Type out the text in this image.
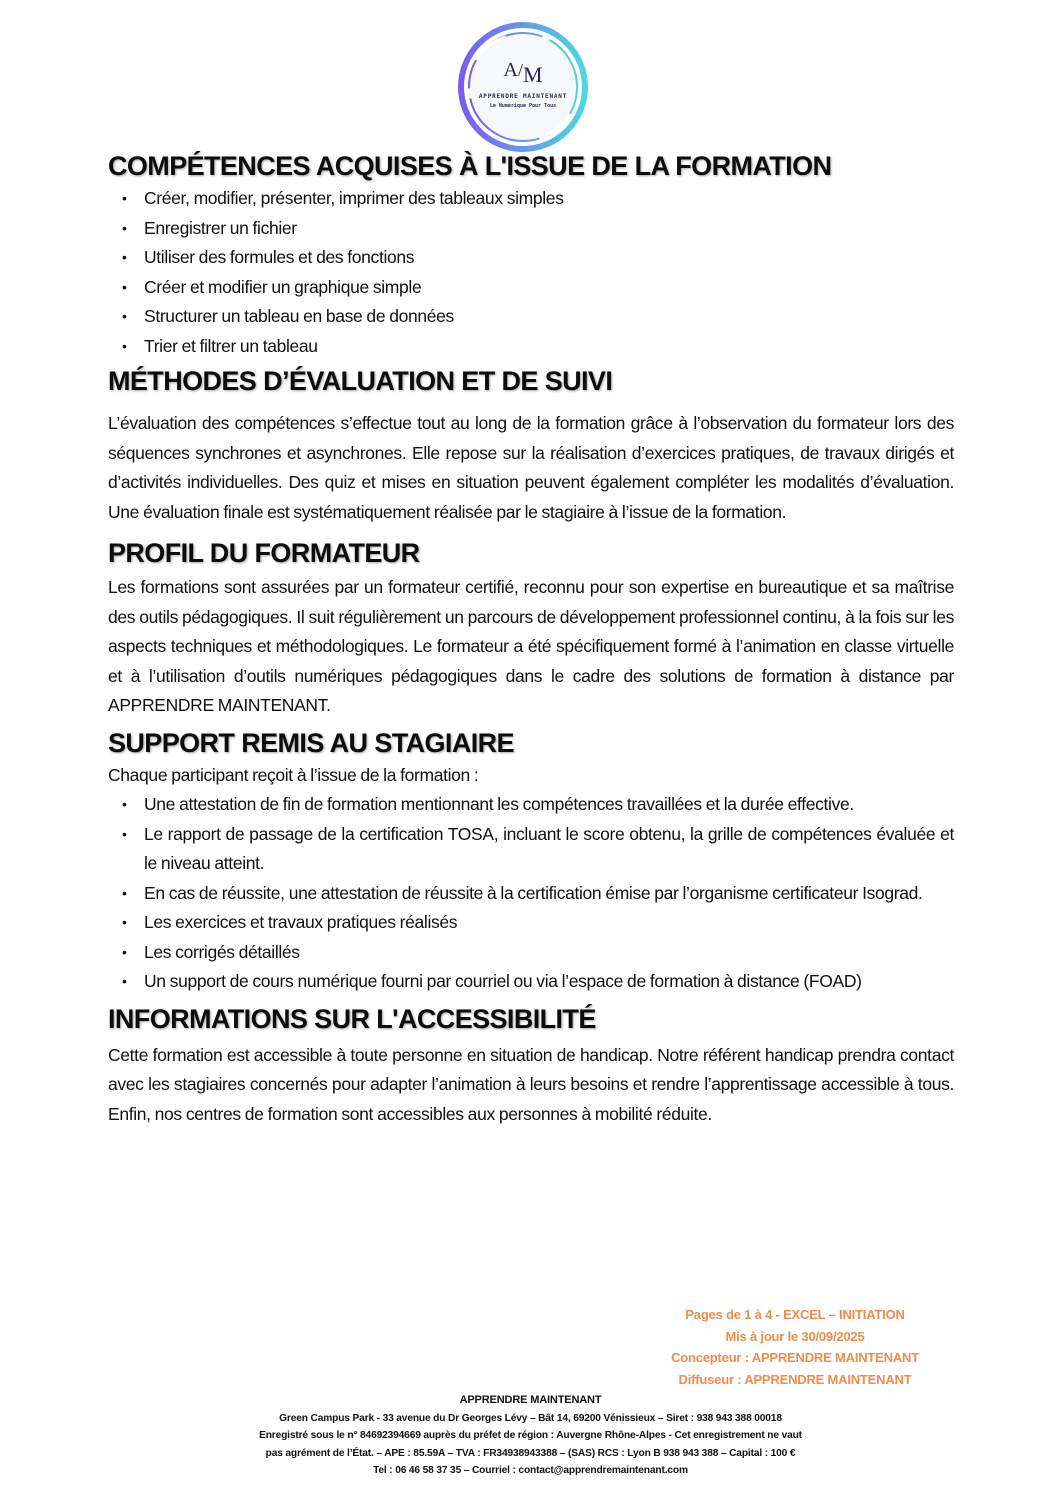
A/M
APPRENDRE MAINTENANT
Le Numérique Pour Tous
COMPÉTENCES ACQUISES À L'ISSUE DE LA FORMATION
• Créer, modifier, présenter, imprimer des tableaux simples
• Enregistrer un fichier
• Utiliser des formules et des fonctions
• Créer et modifier un graphique simple
• Structurer un tableau en base de données
• Trier et filtrer un tableau
MÉTHODES D’ÉVALUATION ET DE SUIVI

L’évaluation des compétences s’effectue tout au long de la formation grâce à l’observation du formateur lors des séquences synchrones et asynchrones. Elle repose sur la réalisation d’exercices pratiques, de travaux dirigés et d’activités individuelles. Des quiz et mises en situation peuvent également compléter les modalités d’évaluation. Une évaluation finale est systématiquement réalisée par le stagiaire à l’issue de la formation.

PROFIL DU FORMATEUR

Les formations sont assurées par un formateur certifié, reconnu pour son expertise en bureautique et sa maîtrise des outils pédagogiques. Il suit régulièrement un parcours de développement professionnel continu, à la fois sur les aspects techniques et méthodologiques. Le formateur a été spécifiquement formé à l’animation en classe virtuelle et à l’utilisation d’outils numériques pédagogiques dans le cadre des solutions de formation à distance par APPRENDRE MAINTENANT.

SUPPORT REMIS AU STAGIAIRE

Chaque participant reçoit à l’issue de la formation :

• Une attestation de fin de formation mentionnant les compétences travaillées et la durée effective.
• Le rapport de passage de la certification TOSA, incluant le score obtenu, la grille de compétences évaluée et le niveau atteint.
• En cas de réussite, une attestation de réussite à la certification émise par l’organisme certificateur Isograd.
• Les exercices et travaux pratiques réalisés
• Les corrigés détaillés
• Un support de cours numérique fourni par courriel ou via l’espace de formation à distance (FOAD)
INFORMATIONS SUR L'ACCESSIBILITÉ

Cette formation est accessible à toute personne en situation de handicap. Notre référent handicap prendra contact avec les stagiaires concernés pour adapter l’animation à leurs besoins et rendre l’apprentissage accessible à tous. Enfin, nos centres de formation sont accessibles aux personnes à mobilité réduite.

Pages de 1 à 4 - EXCEL – INITIATION
Mis à jour le 30/09/2025
Concepteur : APPRENDRE MAINTENANT
Diffuseur : APPRENDRE MAINTENANT
APPRENDRE MAINTENANT
Green Campus Park - 33 avenue du Dr Georges Lévy – Bât 14, 69200 Vénissieux – Siret : 938 943 388 00018
Enregistré sous le n° 84692394669 auprès du préfet de région : Auvergne Rhône-Alpes - Cet enregistrement ne vaut
pas agrément de l’État. – APE : 85.59A – TVA : FR34938943388 – (SAS) RCS : Lyon B 938 943 388 – Capital : 100 €
Tel : 06 46 58 37 35 – Courriel : contact@apprendremaintenant.com
